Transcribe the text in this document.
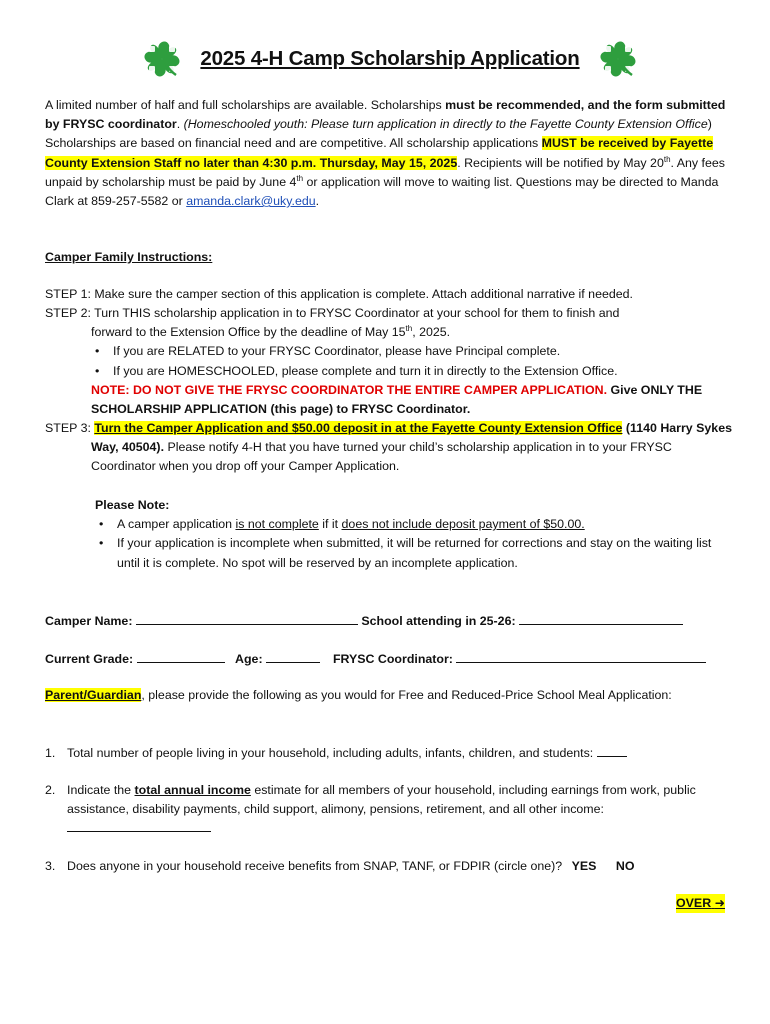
2025 4-H Camp Scholarship Application

A limited number of half and full scholarships are available. Scholarships must be recommended, and the form submitted by FRYSC coordinator. (Homeschooled youth: Please turn application in directly to the Fayette County Extension Office) Scholarships are based on financial need and are competitive. All scholarship applications MUST be received by Fayette County Extension Staff no later than 4:30 p.m. Thursday, May 15, 2025. Recipients will be notified by May 20th. Any fees unpaid by scholarship must be paid by June 4th or application will move to waiting list. Questions may be directed to Manda Clark at 859-257-5582 or amanda.clark@uky.edu.

Camper Family Instructions:

STEP 1: Make sure the camper section of this application is complete. Attach additional narrative if needed.

STEP 2: Turn THIS scholarship application in to FRYSC Coordinator at your school for them to finish and

forward to the Extension Office by the deadline of May 15th, 2025.

• If you are RELATED to your FRYSC Coordinator, please have Principal complete.
• If you are HOMESCHOOLED, please complete and turn it in directly to the Extension Office.

NOTE: DO NOT GIVE THE FRYSC COORDINATOR THE ENTIRE CAMPER APPLICATION. Give ONLY THE SCHOLARSHIP APPLICATION (this page) to FRYSC Coordinator.

STEP 3: Turn the Camper Application and $50.00 deposit in at the Fayette County Extension Office (1140 Harry Sykes Way, 40504). Please notify 4-H that you have turned your child’s scholarship application in to your FRYSC Coordinator when you drop off your Camper Application.

Please Note:
• A camper application is not complete if it does not include deposit payment of $50.00.
• If your application is incomplete when submitted, it will be returned for corrections and stay on the waiting list until it is complete. No spot will be reserved by an incomplete application.
Camper Name:	School attending in 25-26:
Current Grade:	Age:	FRYSC Coordinator:

Parent/Guardian, please provide the following as you would for Free and Reduced-Price School Meal Application:

1. Total number of people living in your household, including adults, infants, children, and students:

2. Indicate the total annual income estimate for all members of your household, including earnings from work, public assistance, disability payments, child support, alimony, pensions, retirement, and all other income:

3. Does anyone in your household receive benefits from SNAP, TANF, or FDPIR (circle one)? YES NO

OVER ➜
